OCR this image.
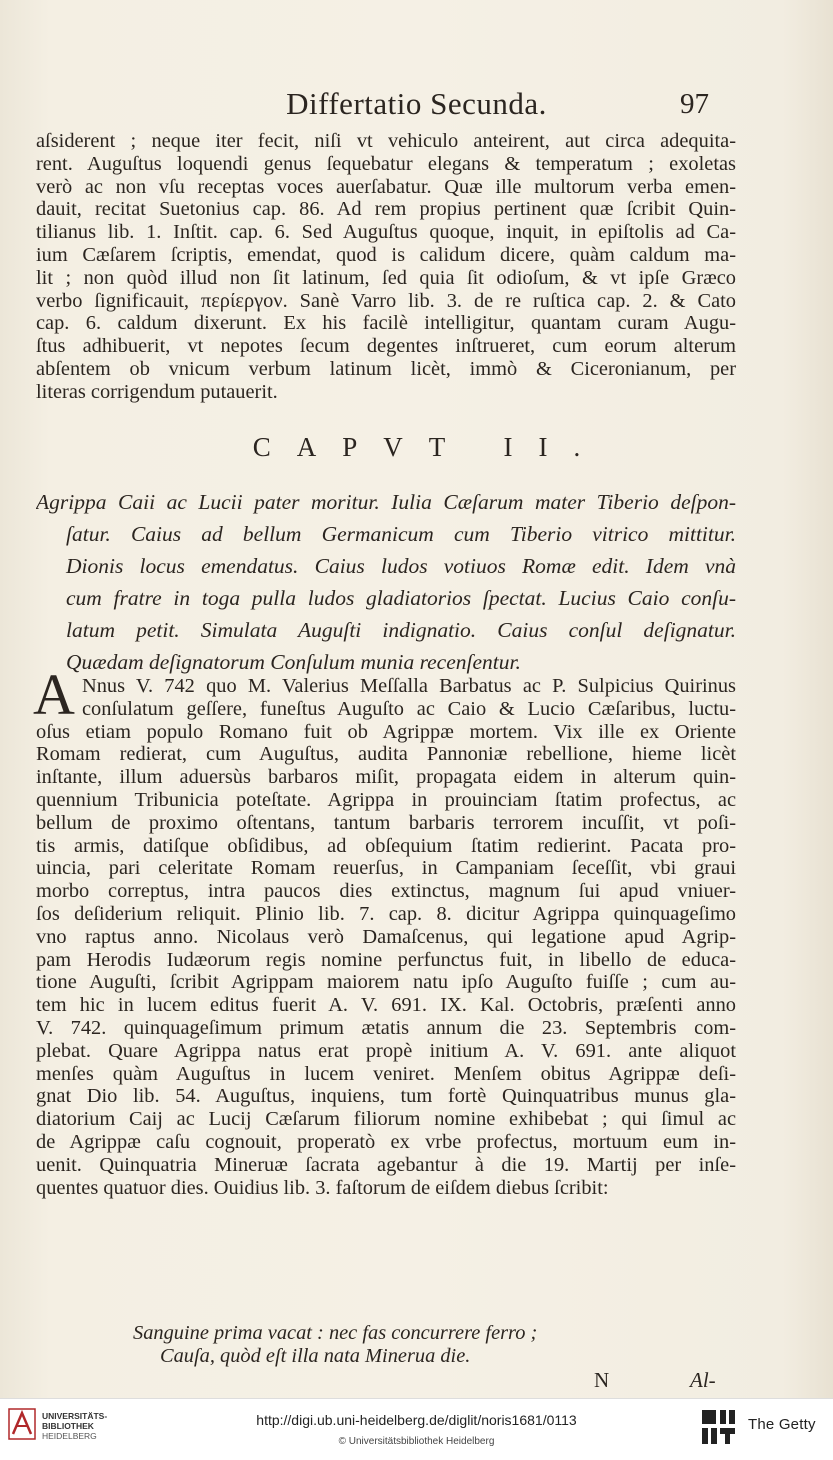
Differtatio Secunda.	97
aſsiderent ; neque iter fecit, niſi vt vehiculo anteirent, aut circa adequita-
rent. Auguſtus loquendi genus ſequebatur elegans & temperatum ; exoletas
verò ac non vſu receptas voces auerſabatur. Quæ ille multorum verba emen-
dauit, recitat Suetonius cap. 86. Ad rem propius pertinent quæ ſcribit Quin-
tilianus lib. 1. Inſtit. cap. 6. Sed Auguſtus quoque, inquit, in epiſtolis ad Ca-
ium Cæſarem ſcriptis, emendat, quod is calidum dicere, quàm caldum ma-
lit ; non quòd illud non ſit latinum, ſed quia ſit odioſum, & vt ipſe Græco
verbo ſignificauit, περίεργον. Sanè Varro lib. 3. de re ruſtica cap. 2. & Cato
cap. 6. caldum dixerunt. Ex his facilè intelligitur, quantam curam Augu-
ſtus adhibuerit, vt nepotes ſecum degentes inſtrueret, cum eorum alterum
abſentem ob vnicum verbum latinum licèt, immò & Ciceronianum, per
literas corrigendum putauerit.
CAPVT II.
Agrippa Caii ac Lucii pater moritur. Iulia Cæſarum mater Tiberio deſpon-
ſatur. Caius ad bellum Germanicum cum Tiberio vitrico mittitur.
Dionis locus emendatus. Caius ludos votiuos Romæ edit. Idem vnà
cum fratre in toga pulla ludos gladiatorios ſpectat. Lucius Caio conſu-
latum petit. Simulata Auguſti indignatio. Caius conſul deſignatur.
Quædam deſignatorum Conſulum munia recenſentur.
A Nnus V. 742 quo M. Valerius Meſſalla Barbatus ac P. Sulpicius Quirinus
conſulatum geſſere, funeſtus Auguſto ac Caio & Lucio Cæſaribus, luctu-
oſus etiam populo Romano fuit ob Agrippæ mortem. Vix ille ex Oriente
Romam redierat, cum Auguſtus, audita Pannoniæ rebellione, hieme licèt
inſtante, illum aduersùs barbaros miſit, propagata eidem in alterum quin-
quennium Tribunicia poteſtate. Agrippa in prouinciam ſtatim profectus, ac
bellum de proximo oſtentans, tantum barbaris terrorem incuſſit, vt poſi-
tis armis, datiſque obſidibus, ad obſequium ſtatim redierint. Pacata pro-
uincia, pari celeritate Romam reuerſus, in Campaniam ſeceſſit, vbi graui
morbo correptus, intra paucos dies extinctus, magnum ſui apud vniuer-
ſos deſiderium reliquit. Plinio lib. 7. cap. 8. dicitur Agrippa quinquageſimo
vno raptus anno. Nicolaus verò Damaſcenus, qui legatione apud Agrip-
pam Herodis Iudæorum regis nomine perfunctus fuit, in libello de educa-
tione Auguſti, ſcribit Agrippam maiorem natu ipſo Auguſto fuiſſe ; cum au-
tem hic in lucem editus fuerit A. V. 691. IX. Kal. Octobris, præſenti anno
V. 742. quinquageſimum primum ætatis annum die 23. Septembris com-
plebat. Quare Agrippa natus erat propè initium A. V. 691. ante aliquot
menſes quàm Auguſtus in lucem veniret. Menſem obitus Agrippæ deſi-
gnat Dio lib. 54. Auguſtus, inquiens, tum fortè Quinquatribus munus gla-
diatorium Caij ac Lucij Cæſarum filiorum nomine exhibebat ; qui ſimul ac
de Agrippæ caſu cognouit, properatò ex vrbe profectus, mortuum eum in-
uenit. Quinquatria Mineruæ ſacrata agebantur à die 19. Martij per inſe-
quentes quatuor dies. Ouidius lib. 3. faſtorum de eiſdem diebus ſcribit:
Sanguine prima vacat : nec fas concurrere ferro ;
Cauſa, quòd eſt illa nata Minerua die.
N	Al-
UNIVERSITÄTS-
BIBLIOTHEK
HEIDELBERG
http://digi.ub.uni-heidelberg.de/diglit/noris1681/0113
© Universitätsbibliothek Heidelberg
The Getty
